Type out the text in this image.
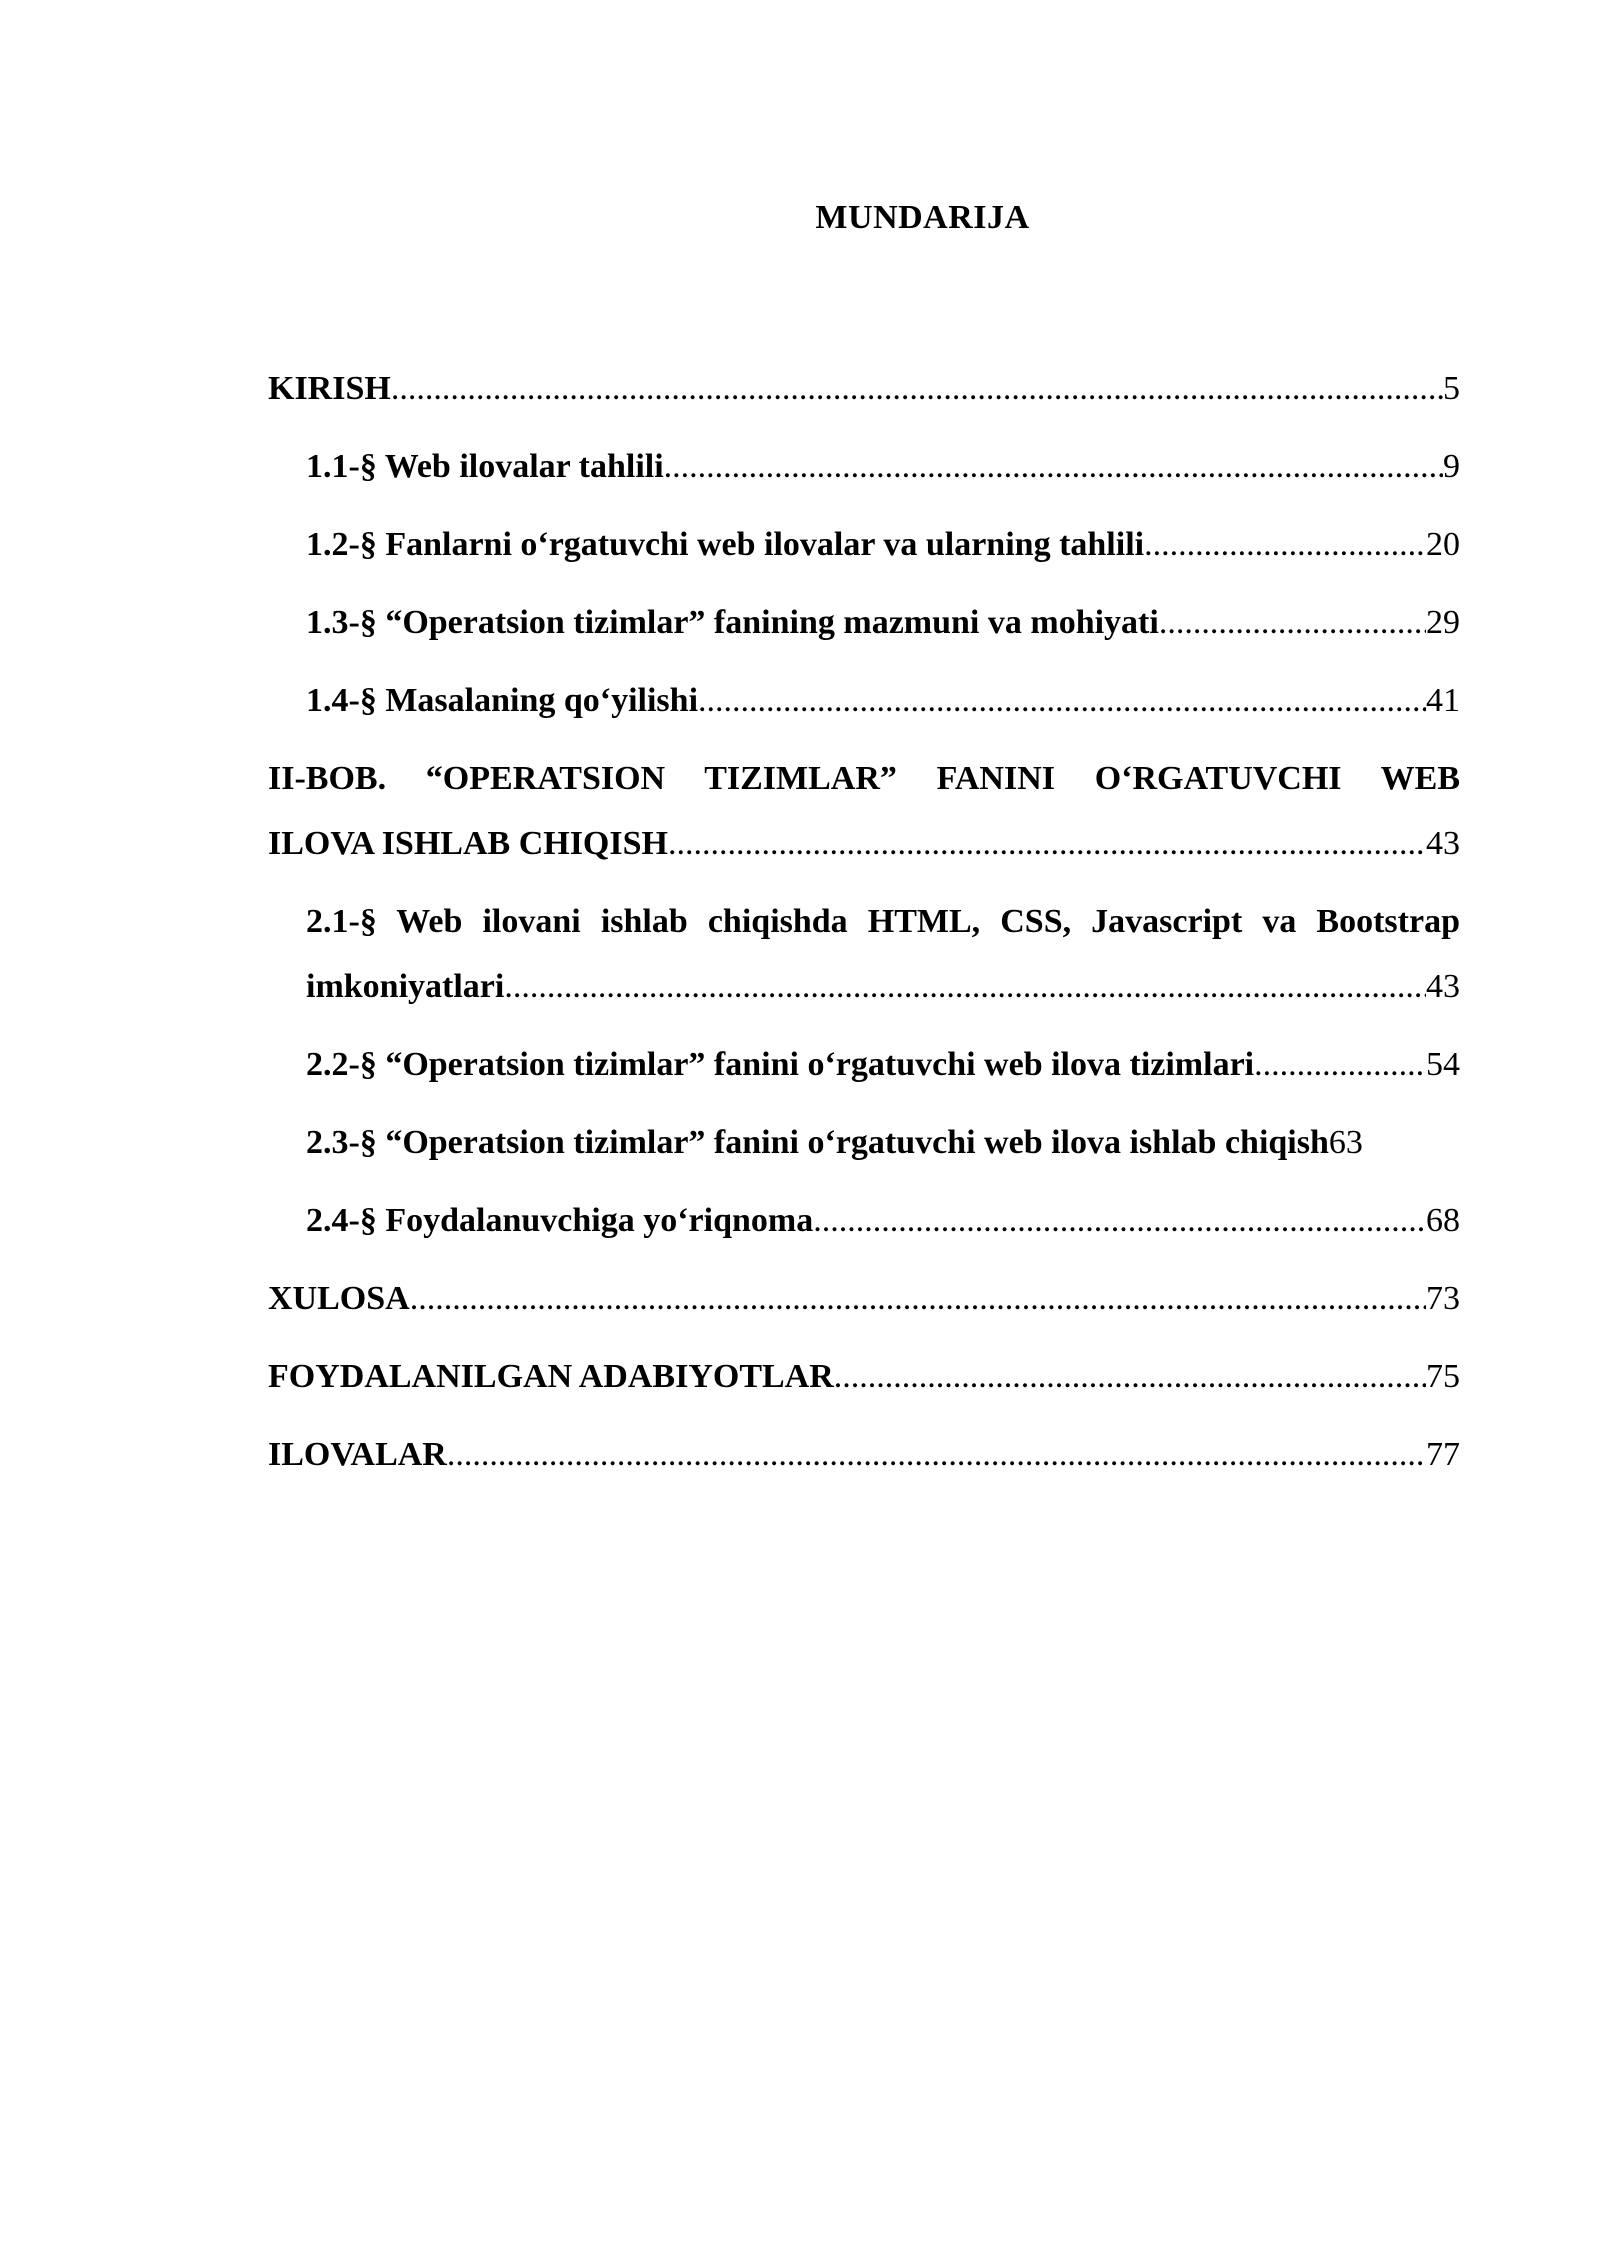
MUNDARIJA
KIRISH .....	5
1.1-§ Web ilovalar tahlili .....	9
1.2-§ Fanlarni o‘rgatuvchi web ilovalar va ularning tahlili .....	20
1.3-§ “Operatsion tizimlar” fanining mazmuni va mohiyati .....	29
1.4-§ Masalaning qo‘yilishi .....	41
II-BOB. “OPERATSION TIZIMLAR” FANINI O‘RGATUVCHI WEB
ILOVA ISHLAB CHIQISH .....	43
2.1-§ Web ilovani ishlab chiqishda HTML, CSS, Javascript va Bootstrap
imkoniyatlari .....	43
2.2-§ “Operatsion tizimlar” fanini o‘rgatuvchi web ilova tizimlari .....	54
2.3-§ “Operatsion tizimlar” fanini o‘rgatuvchi web ilova ishlab chiqish 63
2.4-§ Foydalanuvchiga yo‘riqnoma .....	68
XULOSA .....	73
FOYDALANILGAN ADABIYOTLAR .....	75
ILOVALAR .....	77
